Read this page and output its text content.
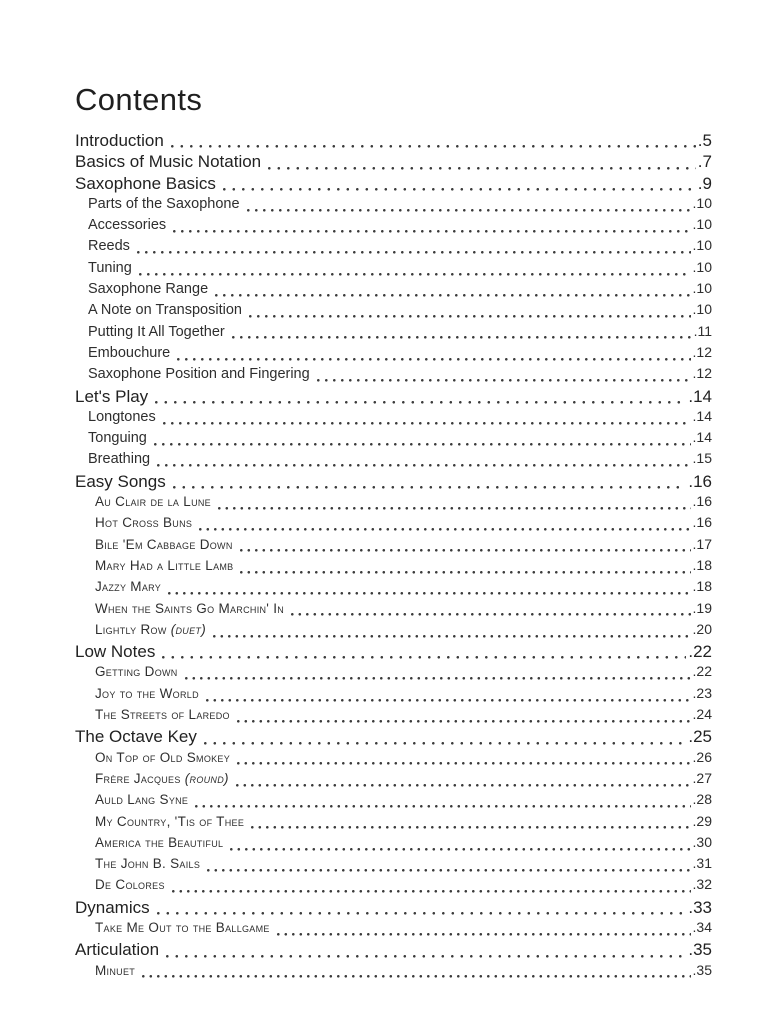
Contents
Introduction	. 5
Basics of Music Notation	. 7
Saxophone Basics	. 9
Parts of the Saxophone	. 10
Accessories	. 10
Reeds	. 10
Tuning	. 10
Saxophone Range	. 10
A Note on Transposition	. 10
Putting It All Together	. 11
Embouchure	. 12
Saxophone Position and Fingering	. 12
Let's Play	. 14
Longtones	. 14
Tonguing	. 14
Breathing	. 15
Easy Songs	. 16
Au Clair de la Lune	. 16
Hot Cross Buns	. 16
Bile 'Em Cabbage Down	. 17
Mary Had a Little Lamb	. 18
Jazzy Mary	. 18
When the Saints Go Marchin' In	. 19
Lightly Row (duet)	. 20
Low Notes	. 22
Getting Down	. 22
Joy to the World	. 23
The Streets of Laredo	. 24
The Octave Key	. 25
On Top of Old Smokey	. 26
Frère Jacques (round)	. 27
Auld Lang Syne	. 28
My Country, 'Tis of Thee	. 29
America the Beautiful	. 30
The John B. Sails	. 31
De Colores	. 32
Dynamics	. 33
Take Me Out to the Ballgame	. 34
Articulation	. 35
Minuet	. 35
